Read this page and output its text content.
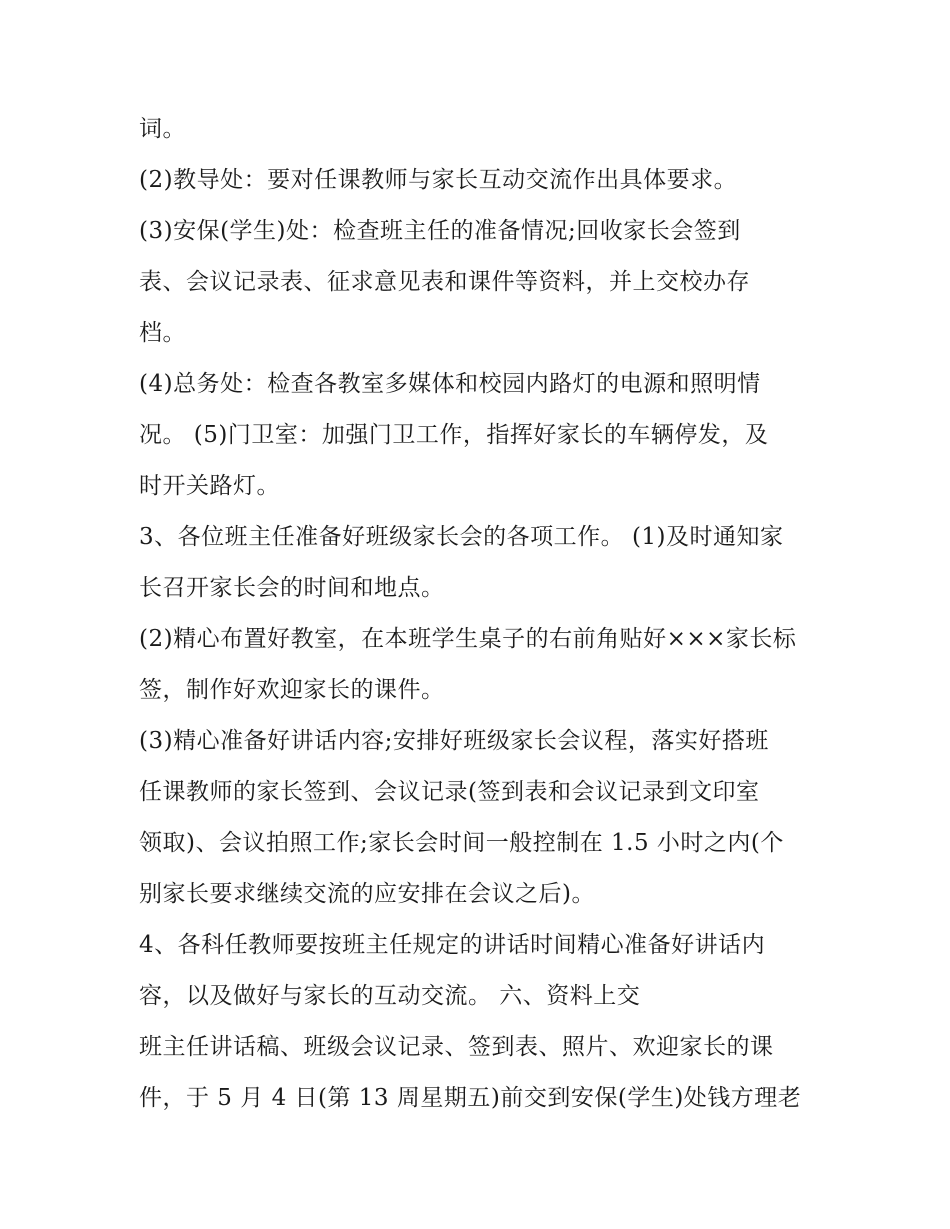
词。
(2)教导处：要对任课教师与家长互动交流作出具体要求。
(3)安保(学生)处：检查班主任的准备情况;回收家长会签到
表、会议记录表、征求意见表和课件等资料，并上交校办存
档。
(4)总务处：检查各教室多媒体和校园内路灯的电源和照明情
况。 (5)门卫室：加强门卫工作，指挥好家长的车辆停发，及
时开关路灯。
3、各位班主任准备好班级家长会的各项工作。 (1)及时通知家
长召开家长会的时间和地点。
(2)精心布置好教室，在本班学生桌子的右前角贴好×××家长标
签，制作好欢迎家长的课件。
(3)精心准备好讲话内容;安排好班级家长会议程，落实好搭班
任课教师的家长签到、会议记录(签到表和会议记录到文印室
领取)、会议拍照工作;家长会时间一般控制在 1.5 小时之内(个
别家长要求继续交流的应安排在会议之后)。
4、各科任教师要按班主任规定的讲话时间精心准备好讲话内
容，以及做好与家长的互动交流。 六、资料上交
班主任讲话稿、班级会议记录、签到表、照片、欢迎家长的课
件，于 5 月 4 日(第 13 周星期五)前交到安保(学生)处钱方理老
